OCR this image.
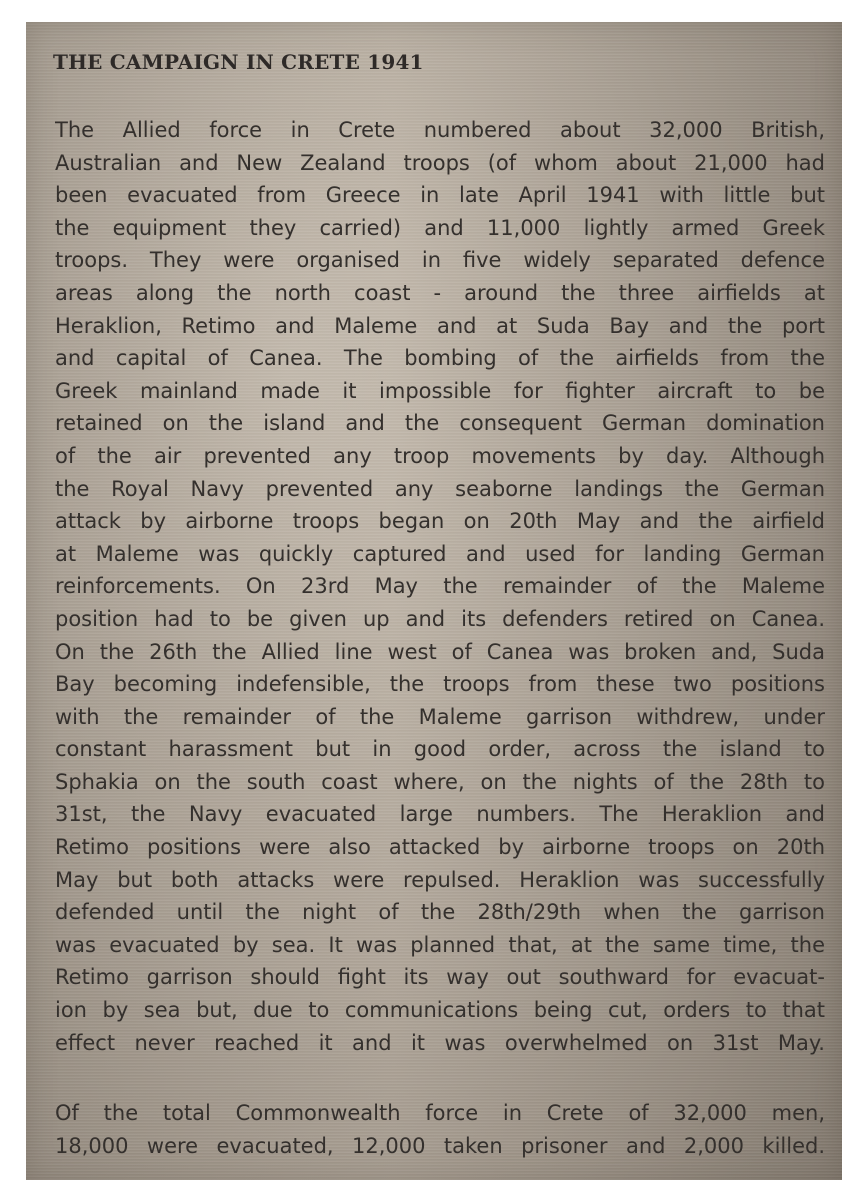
THE CAMPAIGN IN CRETE 1941
The Allied force in Crete numbered about 32,000 British,
Australian and New Zealand troops (of whom about 21,000 had
been evacuated from Greece in late April 1941 with little but
the equipment they carried) and 11,000 lightly armed Greek
troops. They were organised in five widely separated defence
areas along the north coast - around the three airfields at
Heraklion, Retimo and Maleme and at Suda Bay and the port
and capital of Canea. The bombing of the airfields from the
Greek mainland made it impossible for fighter aircraft to be
retained on the island and the consequent German domination
of the air prevented any troop movements by day. Although
the Royal Navy prevented any seaborne landings the German
attack by airborne troops began on 20th May and the airfield
at Maleme was quickly captured and used for landing German
reinforcements. On 23rd May the remainder of the Maleme
position had to be given up and its defenders retired on Canea.
On the 26th the Allied line west of Canea was broken and, Suda
Bay becoming indefensible, the troops from these two positions
with the remainder of the Maleme garrison withdrew, under
constant harassment but in good order, across the island to
Sphakia on the south coast where, on the nights of the 28th to
31st, the Navy evacuated large numbers. The Heraklion and
Retimo positions were also attacked by airborne troops on 20th
May but both attacks were repulsed. Heraklion was successfully
defended until the night of the 28th/29th when the garrison
was evacuated by sea. It was planned that, at the same time, the
Retimo garrison should fight its way out southward for evacuat-
ion by sea but, due to communications being cut, orders to that
effect never reached it and it was overwhelmed on 31st May.
Of the total Commonwealth force in Crete of 32,000 men,
18,000 were evacuated, 12,000 taken prisoner and 2,000 killed.
